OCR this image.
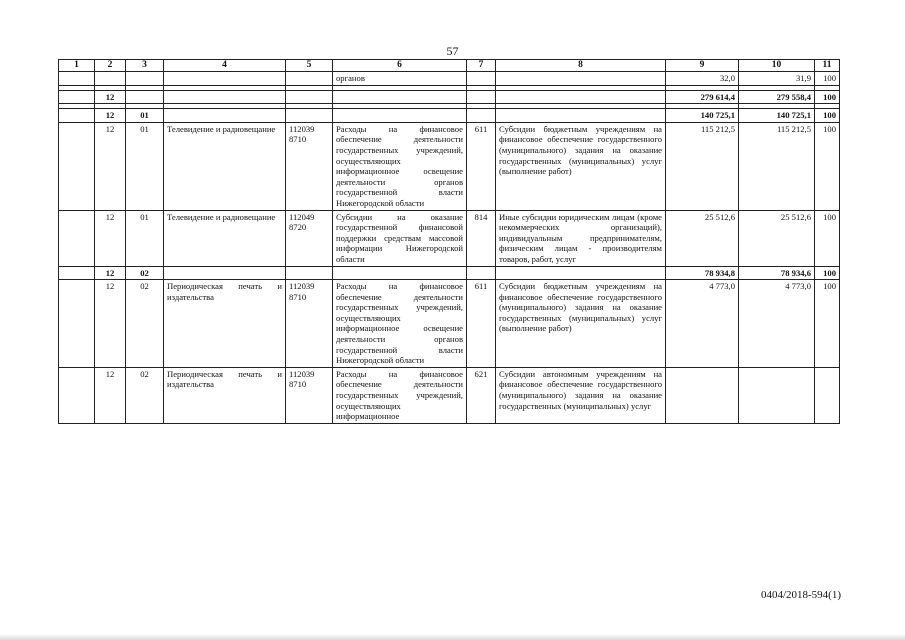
57
1	2	3	4	5	6	7	8	9	10	11
					органов			32,0	31,9	100

	12							279 614,4	279 558,4	100

	12	01						140 725,1	140 725,1	100
	12	01	Телевидение и радиовещание	112039 8710	Расходы на финансовое обеспечение деятельности государственных учреждений, осуществляющих информационное освещение деятельности органов государственной власти Нижегородской области	611	Субсидии бюджетным учреждениям на финансовое обеспечение государственного (муниципального) задания на оказание государственных (муниципальных) услуг (выполнение работ)	115 212,5	115 212,5	100
	12	01	Телевидение и радиовещание	112049 8720	Субсидии на оказание государственной финансовой поддержки средствам массовой информации Нижегородской области	814	Иные субсидии юридическим лицам (кроме некоммерческих организаций), индивидуальным предпринимателям, физическим лицам - производителям товаров, работ, услуг	25 512,6	25 512,6	100
	12	02						78 934,8	78 934,6	100
	12	02	Периодическая печать и издательства	112039 8710	Расходы на финансовое обеспечение деятельности государственных учреждений, осуществляющих информационное освещение деятельности органов государственной власти Нижегородской области	611	Субсидии бюджетным учреждениям на финансовое обеспечение государственного (муниципального) задания на оказание государственных (муниципальных) услуг (выполнение работ)	4 773,0	4 773,0	100
	12	02	Периодическая печать и издательства	112039 8710	Расходы на финансовое обеспечение деятельности государственных учреждений, осуществляющих информационное	621	Субсидии автономным учреждениям на финансовое обеспечение государственного (муниципального) задания на оказание государственных (муниципальных) услуг			
0404/2018-594(1)
